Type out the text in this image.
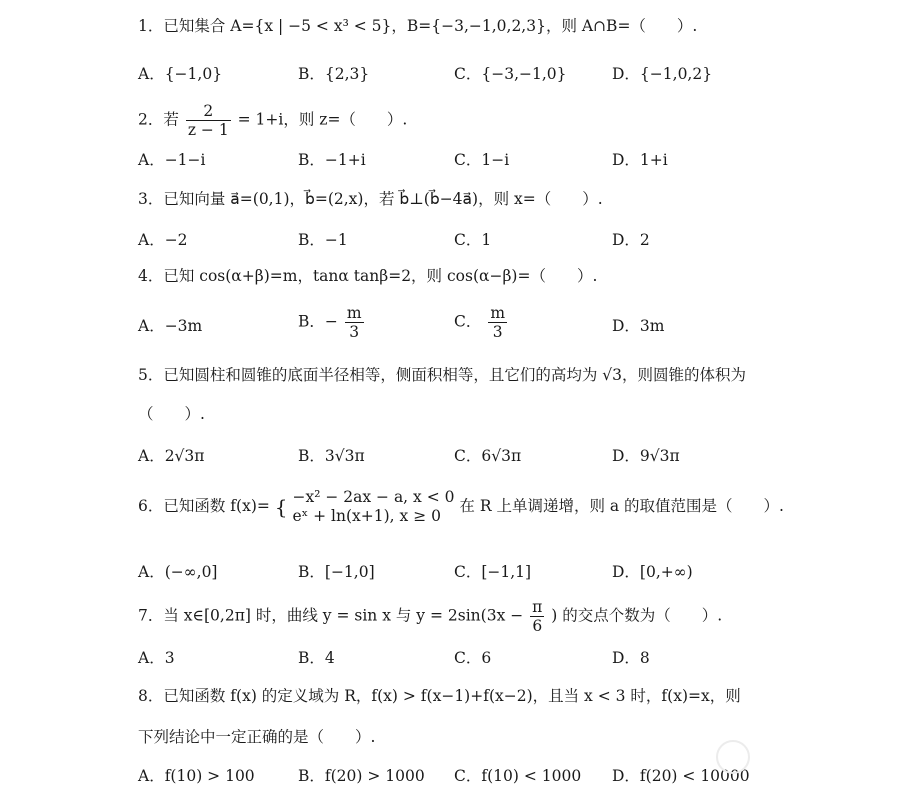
1．已知集合 A={x | −5 < x³ < 5}，B={−3,−1,0,2,3}，则 A∩B=（　　）.
A．{−1,0}	B．{2,3}	C．{−3,−1,0}	D．{−1,0,2}
2．若 $\frac{2}{z - 1} = 1+i$，则 z=（　　）.
A．−1−i	B．−1+i	C．1−i	D．1+i
3．已知向量 a⃗=(0,1)，b⃗=(2,x)，若 b⃗⊥(b⃗−4a⃗)，则 x=（　　）.
A．−2	B．−1	C．1	D．2
4．已知 cos(α+β)=m，tanα tanβ=2，则 cos(α−β)=（　　）.
A．−3m	B．− $\frac{m}{3}$	C． $\frac{m}{3}$	D．3m
5．已知圆柱和圆锥的底面半径相等，侧面积相等，且它们的高均为 √3，则圆锥的体积为
（　　）.
A．2√3π	B．3√3π	C．6√3π	D．9√3π
6．已知函数 f(x)= { −x² − 2ax − a, x < 0
eˣ + ln(x+1), x ≥ 0
在 R 上单调递增，则 a 的取值范围是（　　）.
A．(−∞,0]	B．[−1,0]	C．[−1,1]	D．[0,+∞)
7．当 x∈[0,2π] 时，曲线 y = sin x 与 $y = 2\sin(3x - \frac{\pi}{6}$ ) 的交点个数为（　　）.
A．3	B．4	C．6	D．8
8．已知函数 f(x) 的定义域为 R，f(x) > f(x−1)+f(x−2)，且当 x < 3 时，f(x)=x，则
下列结论中一定正确的是（　　）.
A．f(10) > 100	B．f(20) > 1000 C．f(10) < 1000 D．f(20) < 10000
